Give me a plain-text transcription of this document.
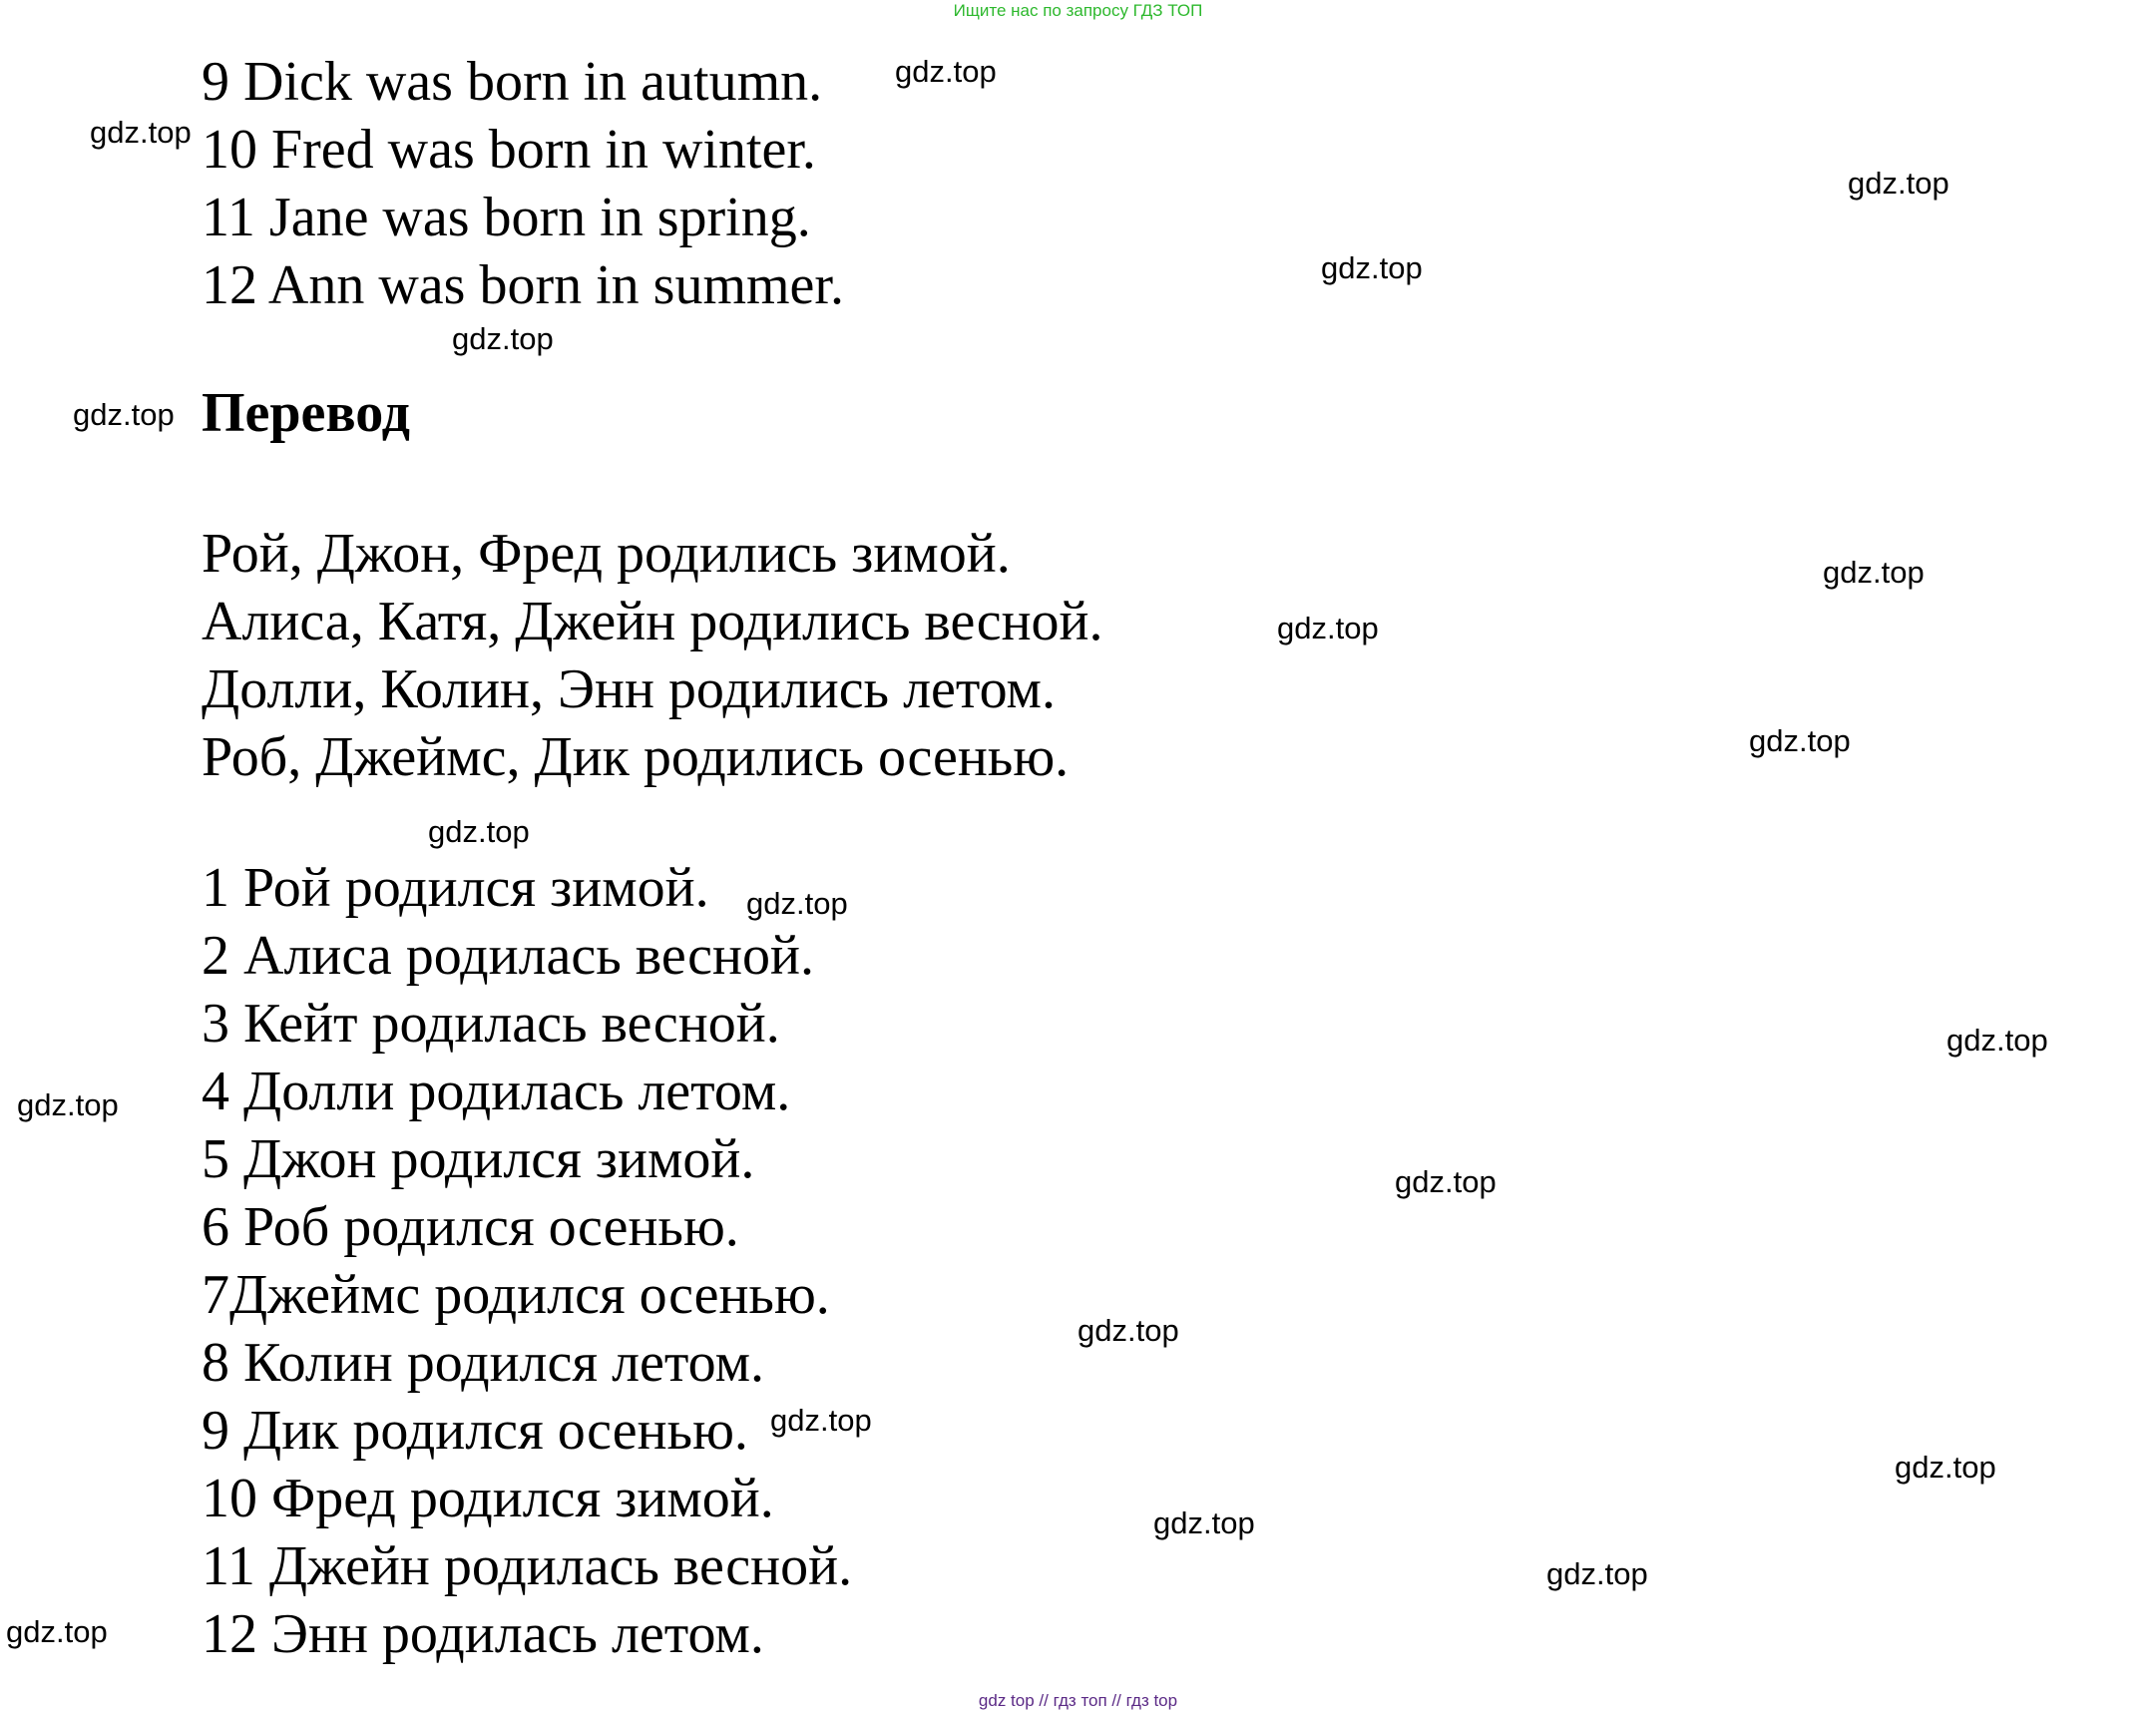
Ищите нас по запросу ГДЗ ТОП
9 Dick was born in autumn.
10 Fred was born in winter.
11 Jane was born in spring.
12 Ann was born in summer.
Перевод
Рой, Джон, Фред родились зимой.
Алиса, Катя, Джейн родились весной.
Долли, Колин, Энн родились летом.
Роб, Джеймс, Дик родились осенью.
1 Рой родился зимой.
2 Алиса родилась весной.
3 Кейт родилась весной.
4 Долли родилась летом.
5 Джон родился зимой.
6 Роб родился осенью.
7Джеймс родился осенью.
8 Колин родился летом.
9 Дик родился осенью.
10 Фред родился зимой.
11 Джейн родилась весной.
12 Энн родилась летом.
gdz.top
gdz.top
gdz.top
gdz.top
gdz.top
gdz.top
gdz.top
gdz.top
gdz.top
gdz.top
gdz.top
gdz.top
gdz.top
gdz.top
gdz.top
gdz.top
gdz.top
gdz.top
gdz.top
gdz.top
gdz top // гдз топ // гдз top
